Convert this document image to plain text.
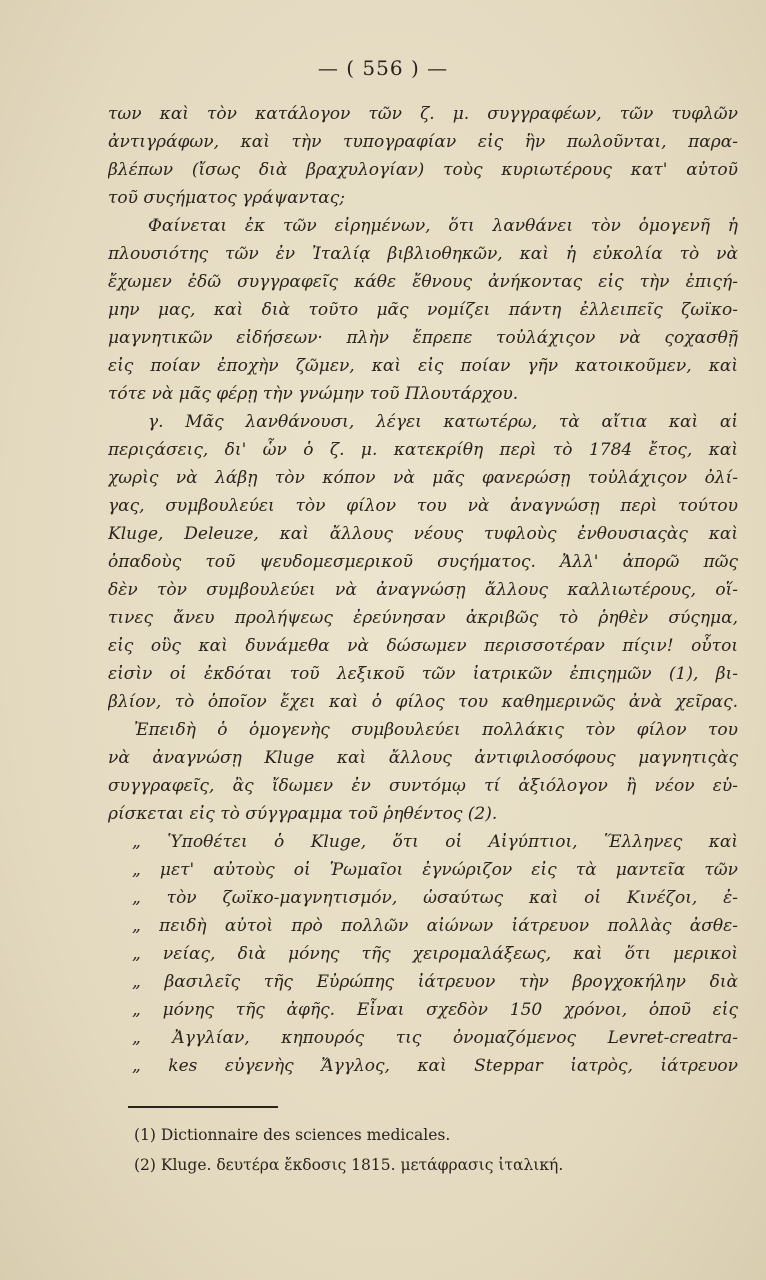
— ( 556 ) —
των καὶ τὸν κατάλογον τῶν ζ. μ. συγγραφέων, τῶν τυφλῶν
ἀντιγράφων, καὶ τὴν τυπογραφίαν εἰς ἣν πωλοῦνται, παρα-
βλέπων (ἴσως διὰ βραχυλογίαν) τοὺς κυριωτέρους κατ' αὐτοῦ
τοῦ συςήματος γράψαντας;
Φαίνεται ἐκ τῶν εἰρημένων, ὅτι λανθάνει τὸν ὁμογενῆ ἡ
πλουσιότης τῶν ἐν Ἰταλίᾳ βιβλιοθηκῶν, καὶ ἡ εὐκολία τὸ νὰ
ἔχωμεν ἐδῶ συγγραφεῖς κάθε ἔθνους ἀνήκοντας εἰς τὴν ἐπιςή-
μην μας, καὶ διὰ τοῦτο μᾶς νομίζει πάντη ἐλλειπεῖς ζωϊκο-
μαγνητικῶν εἰδήσεων· πλὴν ἔπρεπε τοὐλάχιςον νὰ ςοχασθῇ
εἰς ποίαν ἐποχὴν ζῶμεν, καὶ εἰς ποίαν γῆν κατοικοῦμεν, καὶ
τότε νὰ μᾶς φέρῃ τὴν γνώμην τοῦ Πλουτάρχου.
γ. Μᾶς λανθάνουσι, λέγει κατωτέρω, τὰ αἴτια καὶ αἱ
περιςάσεις, δι' ὧν ὁ ζ. μ. κατεκρίθη περὶ τὸ 1784 ἔτος, καὶ
χωρὶς νὰ λάβῃ τὸν κόπον νὰ μᾶς φανερώσῃ τοὐλάχιςον ὀλί-
γας, συμβουλεύει τὸν φίλον του νὰ ἀναγνώσῃ περὶ τούτου
Kluge, Deleuze, καὶ ἄλλους νέους τυφλοὺς ἐνθουσιαςὰς καὶ
ὀπαδοὺς τοῦ ψευδομεσμερικοῦ συςήματος. Ἀλλ' ἀπορῶ πῶς
δὲν τὸν συμβουλεύει νὰ ἀναγνώσῃ ἄλλους καλλιωτέρους, οἵ-
τινες ἄνευ προλήψεως ἐρεύνησαν ἀκριβῶς τὸ ῥηθὲν σύςημα,
εἰς οὓς καὶ δυνάμεθα νὰ δώσωμεν περισσοτέραν πίςιν! οὗτοι
εἰσὶν οἱ ἐκδόται τοῦ λεξικοῦ τῶν ἰατρικῶν ἐπιςημῶν (1), βι-
βλίον, τὸ ὁποῖον ἔχει καὶ ὁ φίλος του καθημερινῶς ἀνὰ χεῖρας.
Ἐπειδὴ ὁ ὁμογενὴς συμβουλεύει πολλάκις τὸν φίλον του
νὰ ἀναγνώσῃ Kluge καὶ ἄλλους ἀντιφιλοσόφους μαγνητιςὰς
συγγραφεῖς, ἂς ἴδωμεν ἐν συντόμῳ τί ἀξιόλογον ἢ νέον εὑ-
ρίσκεται εἰς τὸ σύγγραμμα τοῦ ῥηθέντος (2).
„ Ὑποθέτει ὁ Kluge, ὅτι οἱ Αἰγύπτιοι, Ἕλληνες καὶ
„ μετ' αὐτοὺς οἱ Ῥωμαῖοι ἐγνώριζον εἰς τὰ μαντεῖα τῶν
„ τὸν ζωϊκο-μαγνητισμόν, ὡσαύτως καὶ οἱ Κινέζοι, ἐ-
„ πειδὴ αὐτοὶ πρὸ πολλῶν αἰώνων ἰάτρευον πολλὰς ἀσθε-
„ νείας, διὰ μόνης τῆς χειρομαλάξεως, καὶ ὅτι μερικοὶ
„ βασιλεῖς τῆς Εὐρώπης ἰάτρευον τὴν βρογχοκήλην διὰ
„ μόνης τῆς ἀφῆς. Εἶναι σχεδὸν 150 χρόνοι, ὁποῦ εἰς
„ Ἀγγλίαν, κηπουρός τις ὀνομαζόμενος Levret-creatra-
„ kes εὐγενὴς Ἄγγλος, καὶ Steppar ἰατρὸς, ἰάτρευον
(1) Dictionnaire des sciences medicales.
(2) Kluge. δευτέρα ἔκδοσις 1815. μετάφρασις ἰταλική.
